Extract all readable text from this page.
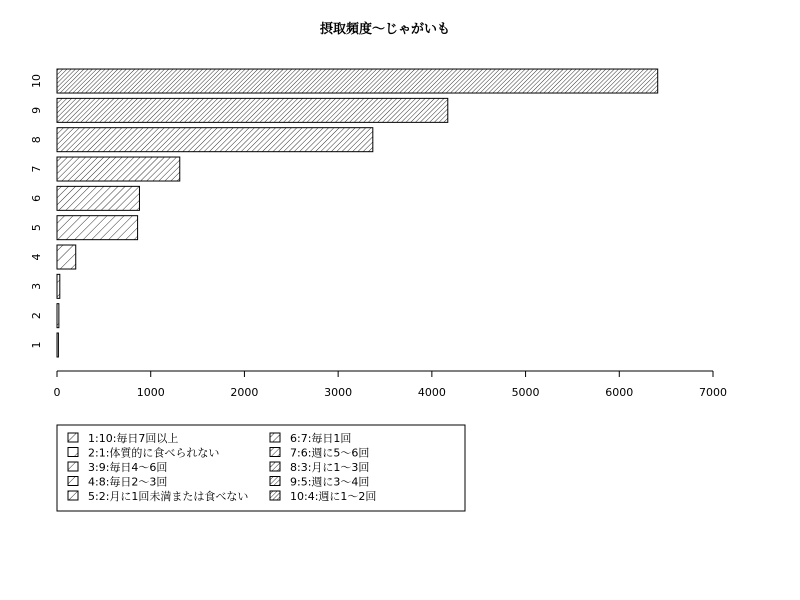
摂取頻度〜じゃがいも
1
2
3
4
5
6
7
8
9
10
0	1000	2000	3000	4000	5000	6000	7000
1:10:毎日7回以上
2:1:体質的に食べられない
3:9:毎日4〜6回
4:8:毎日2〜3回
5:2:月に1回未満または食べない
6:7:毎日1回
7:6:週に5〜6回
8:3:月に1〜3回
9:5:週に3〜4回
10:4:週に1〜2回
